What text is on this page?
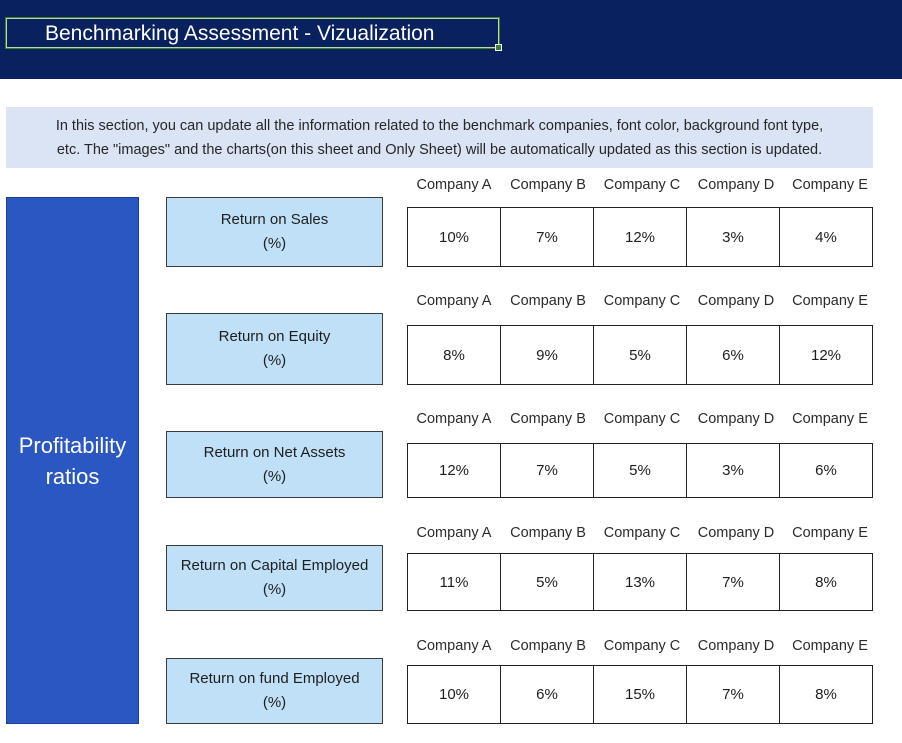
Benchmarking Assessment - Vizualization
In this section, you can update all the information related to the benchmark companies, font color, background font type,
etc. The "images" and the charts(on this sheet and Only Sheet) will be automatically updated as this section is updated.
Profitability
ratios
Company A	Company B	Company C	Company D	Company E
Return on Sales
(%)	10%	7%	12%	3%	4%
Company A	Company B	Company C	Company D	Company E
Return on Equity
(%)	8%	9%	5%	6%	12%
Company A	Company B	Company C	Company D	Company E
Return on Net Assets
(%)	12%	7%	5%	3%	6%
Company A	Company B	Company C	Company D	Company E
Return on Capital Employed
(%)	11%	5%	13%	7%	8%
Company A	Company B	Company C	Company D	Company E
Return on fund Employed
(%)	10%	6%	15%	7%	8%
